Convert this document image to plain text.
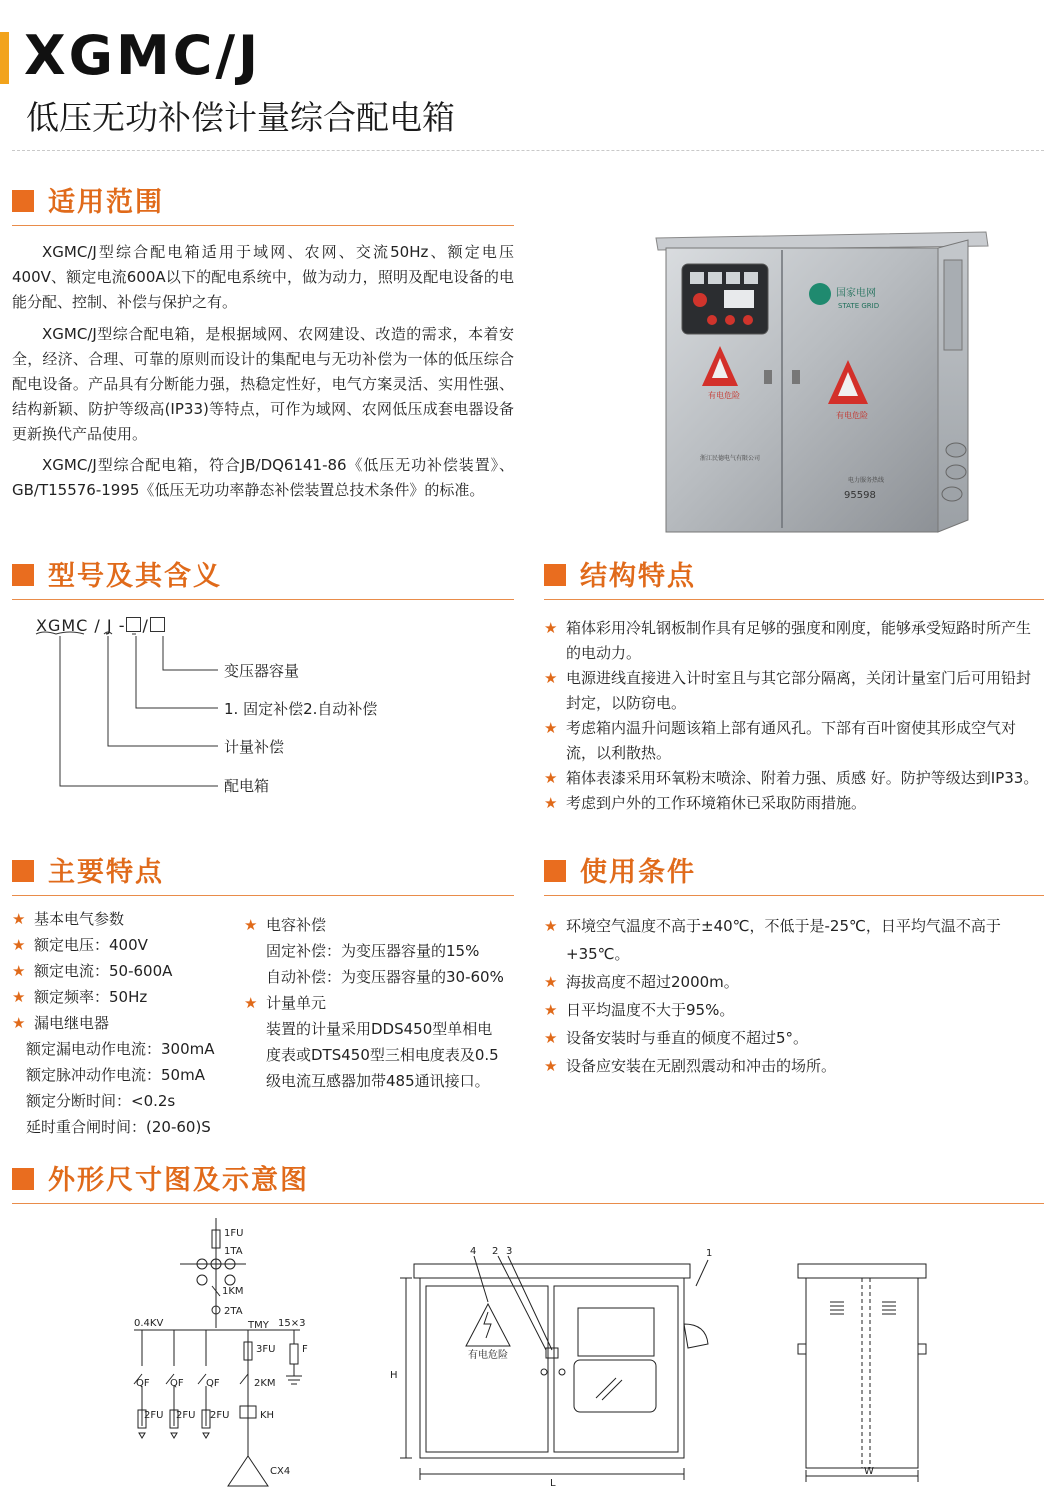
XGMC/J
低压无功补偿计量综合配电箱
适用范围

XGMC/J型综合配电箱适用于域网、农网、交流50Hz、额定电压400V、额定电流600A以下的配电系统中，做为动力，照明及配电设备的电能分配、控制、补偿与保护之有。

XGMC/J型综合配电箱，是根据域网、农网建设、改造的需求，本着安全，经济、合理、可靠的原则而设计的集配电与无功补偿为一体的低压综合配电设备。产品具有分断能力强，热稳定性好，电气方案灵活、实用性强、结构新颖、防护等级高(IP33)等特点，可作为域网、农网低压成套电器设备更新换代产品使用。

XGMC/J型综合配电箱，符合JB/DQ6141-86《低压无功补偿装置》、GB/T15576-1995《低压无功功率静态补偿装置总技术条件》的标准。

有电危险
有电危险
国家电网
STATE GRID
浙江民德电气有限公司
电力服务热线
95598
型号及其含义

XGMC / J - /

变压器容量

1. 固定补偿2.自动补偿

计量补偿

配电箱

结构特点
★ 箱体彩用冷轧钢板制作具有足够的强度和刚度，能够承受短路时所产生的电动力。
★ 电源进线直接进入计时室且与其它部分隔离，关闭计量室门后可用铅封封定，以防窃电。
★ 考虑箱内温升问题该箱上部有通风孔。下部有百叶窗使其形成空气对流，以利散热。
★ 箱体表漆采用环氧粉末喷涂、附着力强、质感 好。防护等级达到IP33。
★ 考虑到户外的工作环境箱休已采取防雨措施。
主要特点
★ 基本电气参数
★ 额定电压：400V
★ 额定电流：50-600A
★ 额定频率：50Hz
★ 漏电继电器
额定漏电动作电流：300mA
额定脉冲动作电流：50mA
额定分断时间：<0.2s
延时重合闸时间：(20-60)S
★ 电容补偿
固定补偿：为变压器容量的15%
自动补偿：为变压器容量的30-60%
★ 计量单元
装置的计量采用DDS450型单相电
度表或DTS450型三相电度表及0.5
级电流互感器加带485通讯接口。
使用条件
★ 环境空气温度不高于±40℃，不低于是-25℃，日平均气温不高于+35℃。
★ 海拔高度不超过2000m。
★ 日平均温度不大于95%。
★ 设备安装时与垂直的倾度不超过5°。
★ 设备应安装在无剧烈震动和冲击的场所。
外形尺寸图及示意图
1FU
1TA
1KM
2TA
0.4KV	TMY 15×3
3FU	F
QF QF QF	2KM
2FU 2FU 2FU	KH
CX4
4 2 3	1
有电危险
H
L
W
